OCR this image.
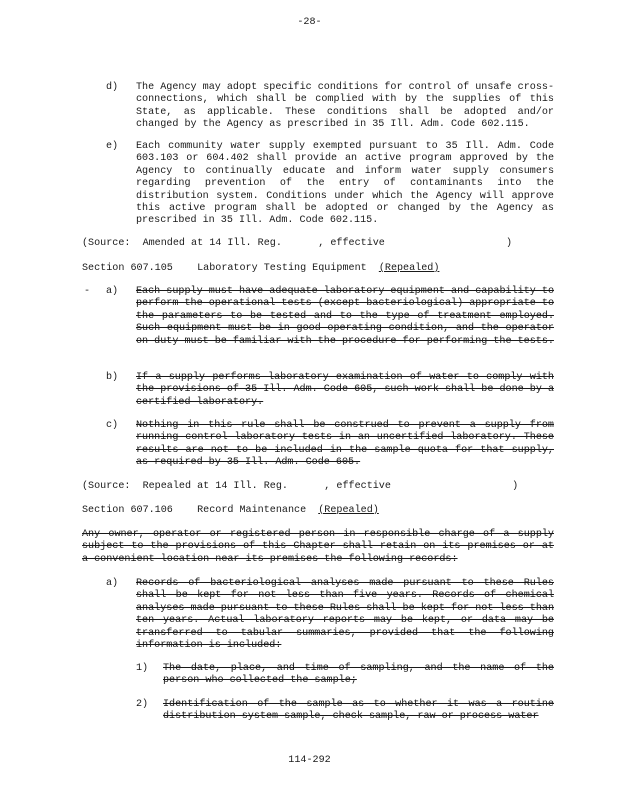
-28-
d) The Agency may adopt specific conditions for control of unsafe cross-connections, which shall be complied with by the supplies of this State, as applicable. These conditions shall be adopted and/or changed by the Agency as prescribed in 35 Ill. Adm. Code 602.115.
e) Each community water supply exempted pursuant to 35 Ill. Adm. Code 603.103 or 604.402 shall provide an active program approved by the Agency to continually educate and inform water supply consumers regarding prevention of the entry of contaminants into the distribution system. Conditions under which the Agency will approve this active program shall be adopted or changed by the Agency as prescribed in 35 Ill. Adm. Code 602.115.
(Source:  Amended at 14 Ill. Reg.      , effective                    )
Section 607.105 Laboratory Testing Equipment (Repealed)
- a) Each supply must have adequate laboratory equipment and capability to perform the operational tests (except bacteriological) appropriate to the parameters to be tested and to the type of treatment employed. Such equipment must be in good operating condition, and the operator on duty must be familiar with the procedure for performing the tests.
b) If a supply performs laboratory examination of water to comply with the provisions of 35 Ill. Adm. Code 605, such work shall be done by a certified laboratory.
c) Nothing in this rule shall be construed to prevent a supply from running control laboratory tests in an uncertified laboratory. These results are not to be included in the sample quota for that supply, as required by 35 Ill. Adm. Code 605.
(Source:  Repealed at 14 Ill. Reg.      , effective                    )
Section 607.106 Record Maintenance (Repealed)
Any owner, operator or registered person in responsible charge of a supply subject to the provisions of this Chapter shall retain on its premises or at a convenient location near its premises the following records:
a) Records of bacteriological analyses made pursuant to these Rules shall be kept for not less than five years. Records of chemical analyses made pursuant to these Rules shall be kept for not less than ten years. Actual laboratory reports may be kept, or data may be transferred to tabular summaries, provided that the following information is included:
1) The date, place, and time of sampling, and the name of the person who collected the sample;
2) Identification of the sample as to whether it was a routine distribution system sample, check sample, raw or process water
114-292
